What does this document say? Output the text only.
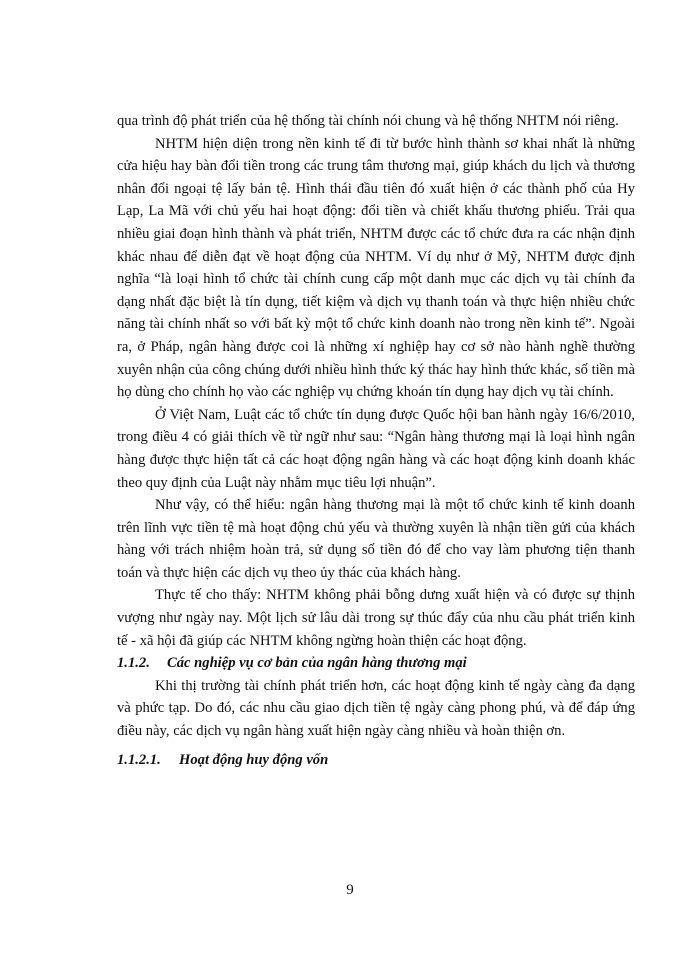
qua trình độ phát triển của hệ thống tài chính nói chung và hệ thống NHTM nói riêng.

NHTM hiện diện trong nền kinh tế đi từ bước hình thành sơ khai nhất là những cửa hiệu hay bàn đổi tiền trong các trung tâm thương mại, giúp khách du lịch và thương nhân đổi ngoại tệ lấy bản tệ. Hình thái đầu tiên đó xuất hiện ở các thành phố của Hy Lạp, La Mã với chủ yếu hai hoạt động: đổi tiền và chiết khấu thương phiếu. Trải qua nhiều giai đoạn hình thành và phát triển, NHTM được các tổ chức đưa ra các nhận định khác nhau để diễn đạt về hoạt động của NHTM. Ví dụ như ở Mỹ, NHTM được định nghĩa “là loại hình tổ chức tài chính cung cấp một danh mục các dịch vụ tài chính đa dạng nhất đặc biệt là tín dụng, tiết kiệm và dịch vụ thanh toán và thực hiện nhiều chức năng tài chính nhất so với bất kỳ một tổ chức kinh doanh nào trong nền kinh tế”. Ngoài ra, ở Pháp, ngân hàng được coi là những xí nghiệp hay cơ sở nào hành nghề thường xuyên nhận của công chúng dưới nhiều hình thức ký thác hay hình thức khác, số tiền mà họ dùng cho chính họ vào các nghiệp vụ chứng khoán tín dụng hay dịch vụ tài chính.

Ở Việt Nam, Luật các tổ chức tín dụng được Quốc hội ban hành ngày 16/6/2010, trong điều 4 có giải thích về từ ngữ như sau: “Ngân hàng thương mại là loại hình ngân hàng được thực hiện tất cả các hoạt động ngân hàng và các hoạt động kinh doanh khác theo quy định của Luật này nhằm mục tiêu lợi nhuận”.

Như vậy, có thể hiểu: ngân hàng thương mại là một tổ chức kinh tế kinh doanh trên lĩnh vực tiền tệ mà hoạt động chủ yếu và thường xuyên là nhận tiền gửi của khách hàng với trách nhiệm hoàn trả, sử dụng số tiền đó để cho vay làm phương tiện thanh toán và thực hiện các dịch vụ theo ủy thác của khách hàng.

Thực tế cho thấy: NHTM không phải bỗng dưng xuất hiện và có được sự thịnh vượng như ngày nay. Một lịch sử lâu dài trong sự thúc đẩy của nhu cầu phát triển kinh tế - xã hội đã giúp các NHTM không ngừng hoàn thiện các hoạt động.

1.1.2. Các nghiệp vụ cơ bản của ngân hàng thương mại

Khi thị trường tài chính phát triển hơn, các hoạt động kinh tế ngày càng đa dạng và phức tạp. Do đó, các nhu cầu giao dịch tiền tệ ngày càng phong phú, và để đáp ứng điều này, các dịch vụ ngân hàng xuất hiện ngày càng nhiều và hoàn thiện ơn.

1.1.2.1. Hoạt động huy động vốn

9
